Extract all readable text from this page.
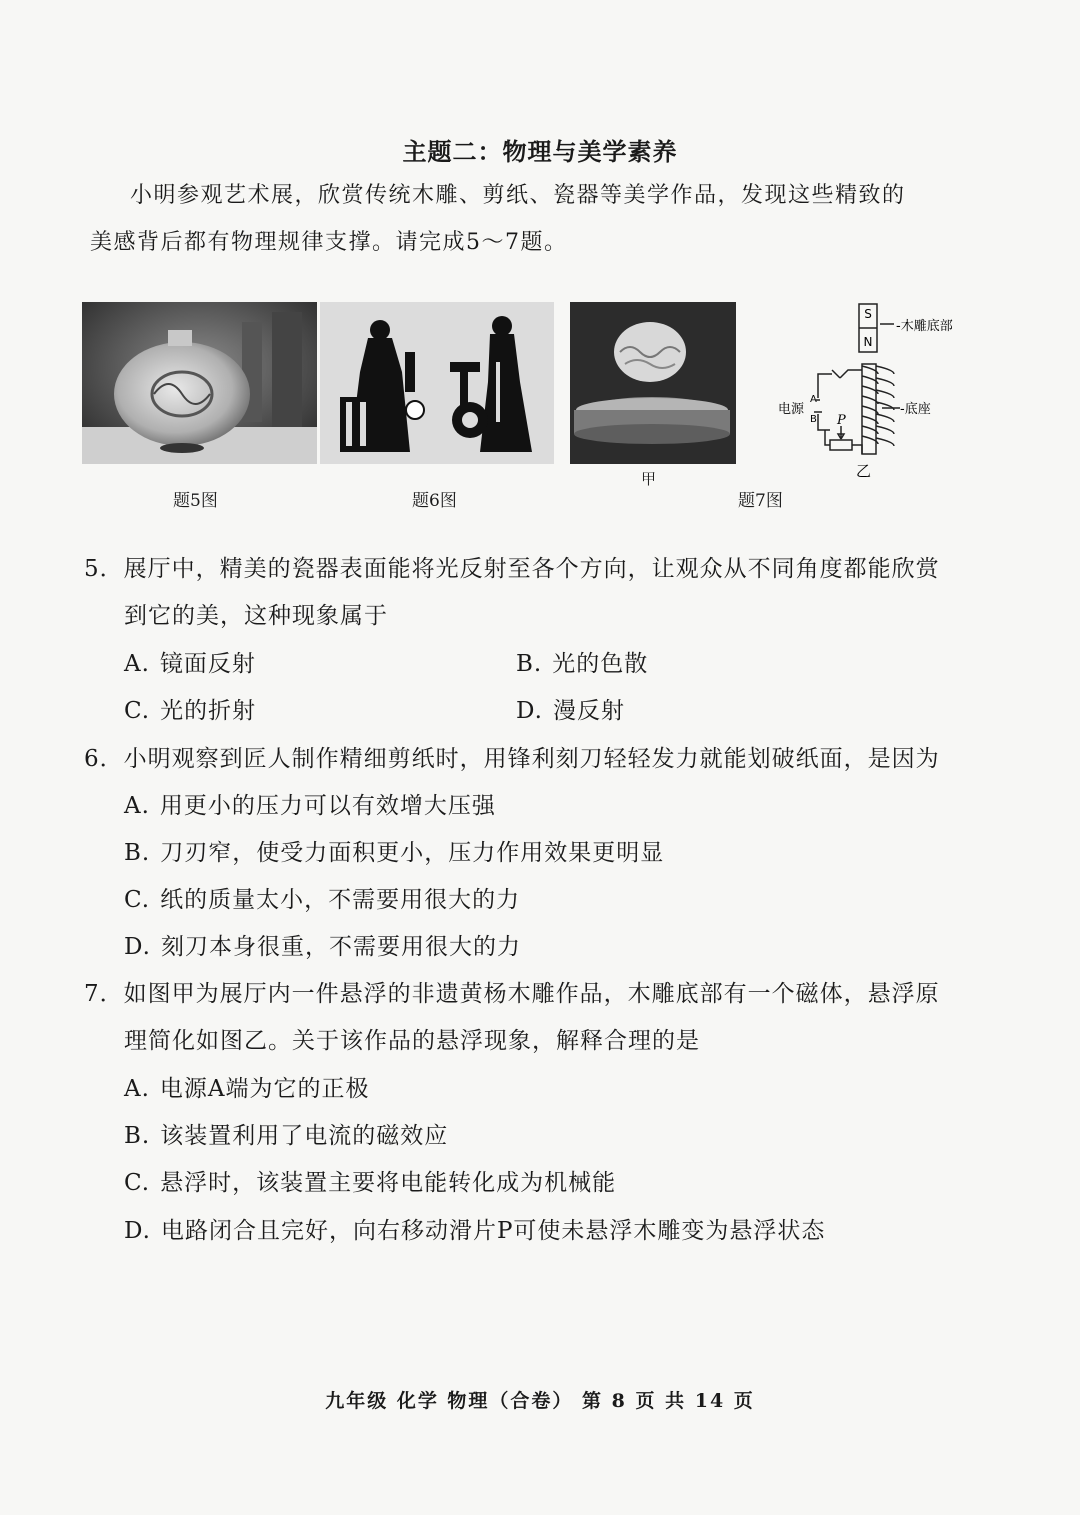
主题二：物理与美学素养
小明参观艺术展，欣赏传统木雕、剪纸、瓷器等美学作品，发现这些精致的
美感背后都有物理规律支撑。请完成5～7题。
题5图	题6图
甲
S
N
-木雕底部
-底座
电源
A
B P
乙
题7图
5．展厅中，精美的瓷器表面能将光反射至各个方向，让观众从不同角度都能欣赏
到它的美，这种现象属于
A. 镜面反射	B. 光的色散
C. 光的折射	D. 漫反射
6．小明观察到匠人制作精细剪纸时，用锋利刻刀轻轻发力就能划破纸面，是因为
A. 用更小的压力可以有效增大压强
B. 刀刃窄，使受力面积更小，压力作用效果更明显
C. 纸的质量太小，不需要用很大的力
D. 刻刀本身很重，不需要用很大的力
7．如图甲为展厅内一件悬浮的非遗黄杨木雕作品，木雕底部有一个磁体，悬浮原
理简化如图乙。关于该作品的悬浮现象，解释合理的是
A. 电源A端为它的正极
B. 该装置利用了电流的磁效应
C. 悬浮时，该装置主要将电能转化成为机械能
D. 电路闭合且完好，向右移动滑片P可使未悬浮木雕变为悬浮状态
九年级 化学 物理（合卷） 第 8 页 共 14 页
